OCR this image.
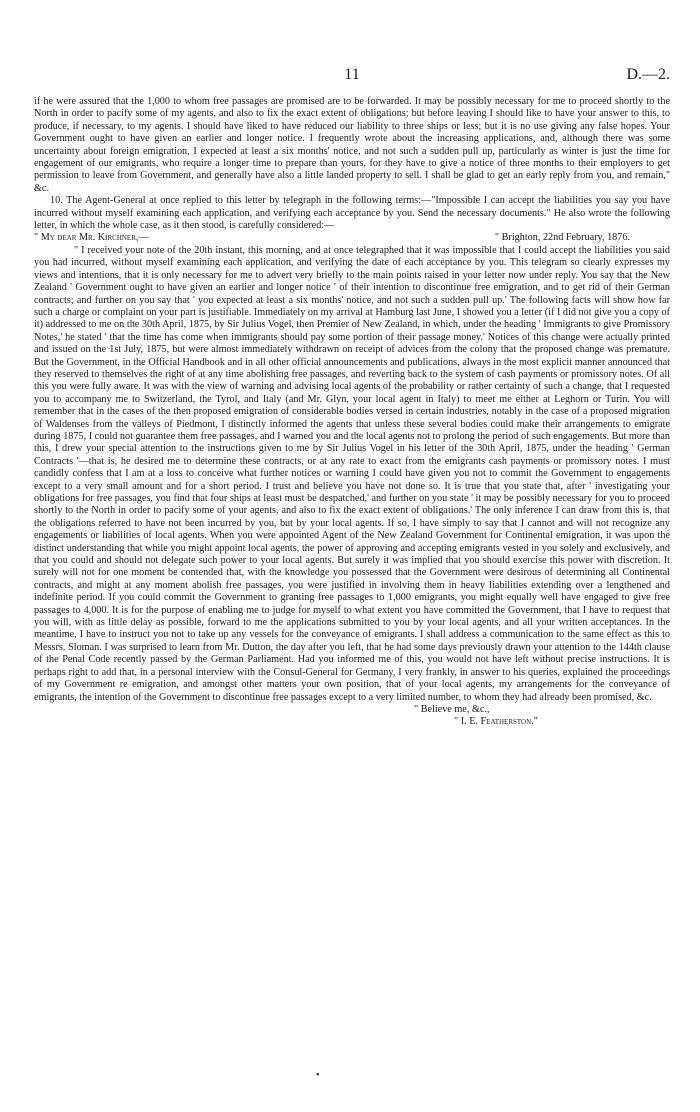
11	D.—2.

if he were assured that the 1,000 to whom free passages are promised are to be forwarded. It may be possibly necessary for me to proceed shortly to the North in order to pacify some of my agents, and also to fix the exact extent of obligations; but before leaving I should like to have your answer to this, to produce, if necessary, to my agents. I should have liked to have reduced our liability to three ships or less; but it is no use giving any false hopes. Your Government ought to have given an earlier and longer notice. I frequently wrote about the increasing applications, and, although there was some uncertainty about foreign emigration, I expected at least a six months' notice, and not such a sudden pull up, particularly as winter is just the time for engagement of our emigrants, who require a longer time to prepare than yours, for they have to give a notice of three months to their employers to get permission to leave from Government, and generally have also a little landed property to sell. I shall be glad to get an early reply from you, and remain," &c.

10. The Agent-General at once replied to this letter by telegraph in the following terms:—"Impossible I can accept the liabilities you say you have incurred without myself examining each application, and verifying each acceptance by you. Send the necessary documents." He also wrote the following letter, in which the whole case, as it then stood, is carefully considered:—

" My dear Mr. Kirchner,—	" Brighton, 22nd February, 1876.

" I received your note of the 20th instant, this morning, and at once telegraphed that it was impossible that I could accept the liabilities you said you had incurred, without myself examining each application, and verifying the date of each acceptance by you. This telegram so clearly expresses my views and intentions, that it is only necessary for me to advert very briefly to the main points raised in your letter now under reply. You say that the New Zealand ' Government ought to have given an earlier and longer notice ' of their intention to discontinue free emigration, and to get rid of their German contracts; and further on you say that ' you expected at least a six months' notice, and not such a sudden pull up.' The following facts will show how far such a charge or complaint on your part is justifiable. Immediately on my arrival at Hamburg last June, I showed you a letter (if I did not give you a copy of it) addressed to me on the 30th April, 1875, by Sir Julius Vogel, then Premier of New Zealand, in which, under the heading ' Immigrants to give Promissory Notes,' he stated ' that the time has come when immigrants should pay some portion of their passage money.' Notices of this change were actually printed and issued on the 1st July, 1875, but were almost immediately withdrawn on receipt of advices from the colony that the proposed change was premature. But the Government, in the Official Handbook and in all other official announcements and publications, always in the most explicit manner announced that they reserved to themselves the right of at any time abolishing free passages, and reverting back to the system of cash payments or promissory notes. Of all this you were fully aware. It was with the view of warning and advising local agents of the probability or rather certainty of such a change, that I requested you to accompany me to Switzerland, the Tyrol, and Italy (and Mr. Glyn, your local agent in Italy) to meet me either at Leghorn or Turin. You will remember that in the cases of the then proposed emigration of considerable bodies versed in certain industries, notably in the case of a proposed migration of Waldenses from the valleys of Piedmont, I distinctly informed the agents that unless these several bodies could make their arrangements to emigrate during 1875, I could not guarantee them free passages, and I warned you and the local agents not to prolong the period of such engagements. But more than this, I drew your special attention to the instructions given to me by Sir Julius Vogel in his letter of the 30th April, 1875, under the heading ' German Contracts '—that is, he desired me to determine these contracts, or at any rate to exact from the emigrants cash payments or promissory notes. I must candidly confess that I am at a loss to conceive what further notices or warning I could have given you not to commit the Government to engagements except to a very small amount and for a short period. I trust and believe you have not done so. It is true that you state that, after ' investigating your obligations for free passages, you find that four ships at least must be despatched,' and further on you state ' it may be possibly necessary for you to proceed shortly to the North in order to pacify some of your agents, and also to fix the exact extent of obligations.' The only inference I can draw from this is, that the obligations referred to have not been incurred by you, but by your local agents. If so, I have simply to say that I cannot and will not recognize any engagements or liabilities of local agents. When you were appointed Agent of the New Zealand Government for Continental emigration, it was upon the distinct understanding that while you might appoint local agents, the power of approving and accepting emigrants vested in you solely and exclusively, and that you could and should not delegate such power to your local agents. But surely it was implied that you should exercise this power with discretion. It surely will not for one moment be contended that, with the knowledge you possessed that the Government were desirous of determining all Continental contracts, and might at any moment abolish free passages, you were justified in involving them in heavy liabilities extending over a lengthened and indefinite period. If you could commit the Government to granting free passages to 1,000 emigrants, you might equally well have engaged to give free passages to 4,000. It is for the purpose of enabling me to judge for myself to what extent you have committed the Government, that I have to request that you will, with as little delay as possible, forward to me the applications submitted to you by your local agents, and all your written acceptances. In the meantime, I have to instruct you not to take up any vessels for the conveyance of emigrants. I shall address a communication to the same effect as this to Messrs. Sloman. I was surprised to learn from Mr. Dutton, the day after you left, that he had some days previously drawn your attention to the 144th clause of the Penal Code recently passed by the German Parliament. Had you informed me of this, you would not have left without precise instructions. It is perhaps right to add that, in a personal interview with the Consul-General for Germany, I very frankly, in answer to his queries, explained the proceedings of my Government re emigration, and amongst other matters your own position, that of your local agents, my arrangements for the conveyance of emigrants, the intention of the Government to discontinue free passages except to a very limited number, to whom they had already been promised, &c.

" Believe me, &c.,

" I. E. Featherston."

•
